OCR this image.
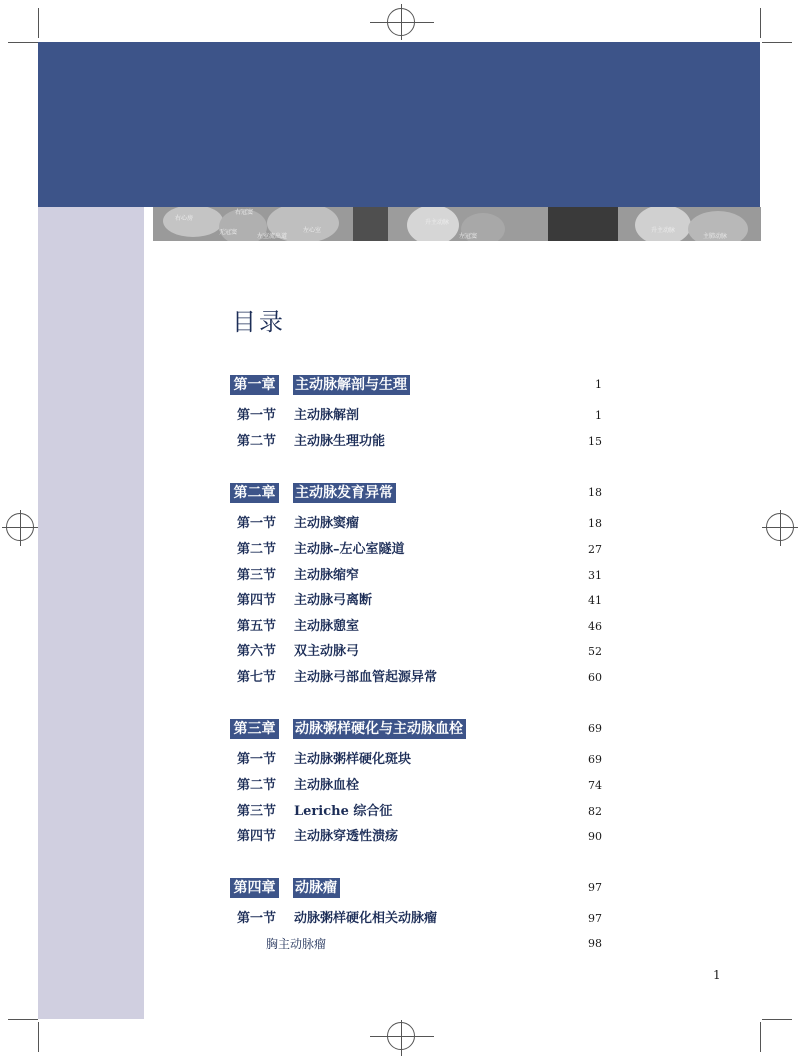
右心房
右冠窦
无冠窦
左室流出道
左心室
升主动脉
左冠窦
升主动脉
主肺动脉
目录
第一章 主动脉解剖与生理	1
第一节 主动脉解剖	1
第二节 主动脉生理功能	15
第二章 主动脉发育异常	18
第一节 主动脉窦瘤	18
第二节 主动脉–左心室隧道	27
第三节 主动脉缩窄	31
第四节 主动脉弓离断	41
第五节 主动脉憩室	46
第六节 双主动脉弓	52
第七节 主动脉弓部血管起源异常	60
第三章 动脉粥样硬化与主动脉血栓	69
第一节 主动脉粥样硬化斑块	69
第二节 主动脉血栓	74
第三节 Leriche 综合征	82
第四节 主动脉穿透性溃疡	90
第四章 动脉瘤	97
第一节 动脉粥样硬化相关动脉瘤	97
胸主动脉瘤	98
1
